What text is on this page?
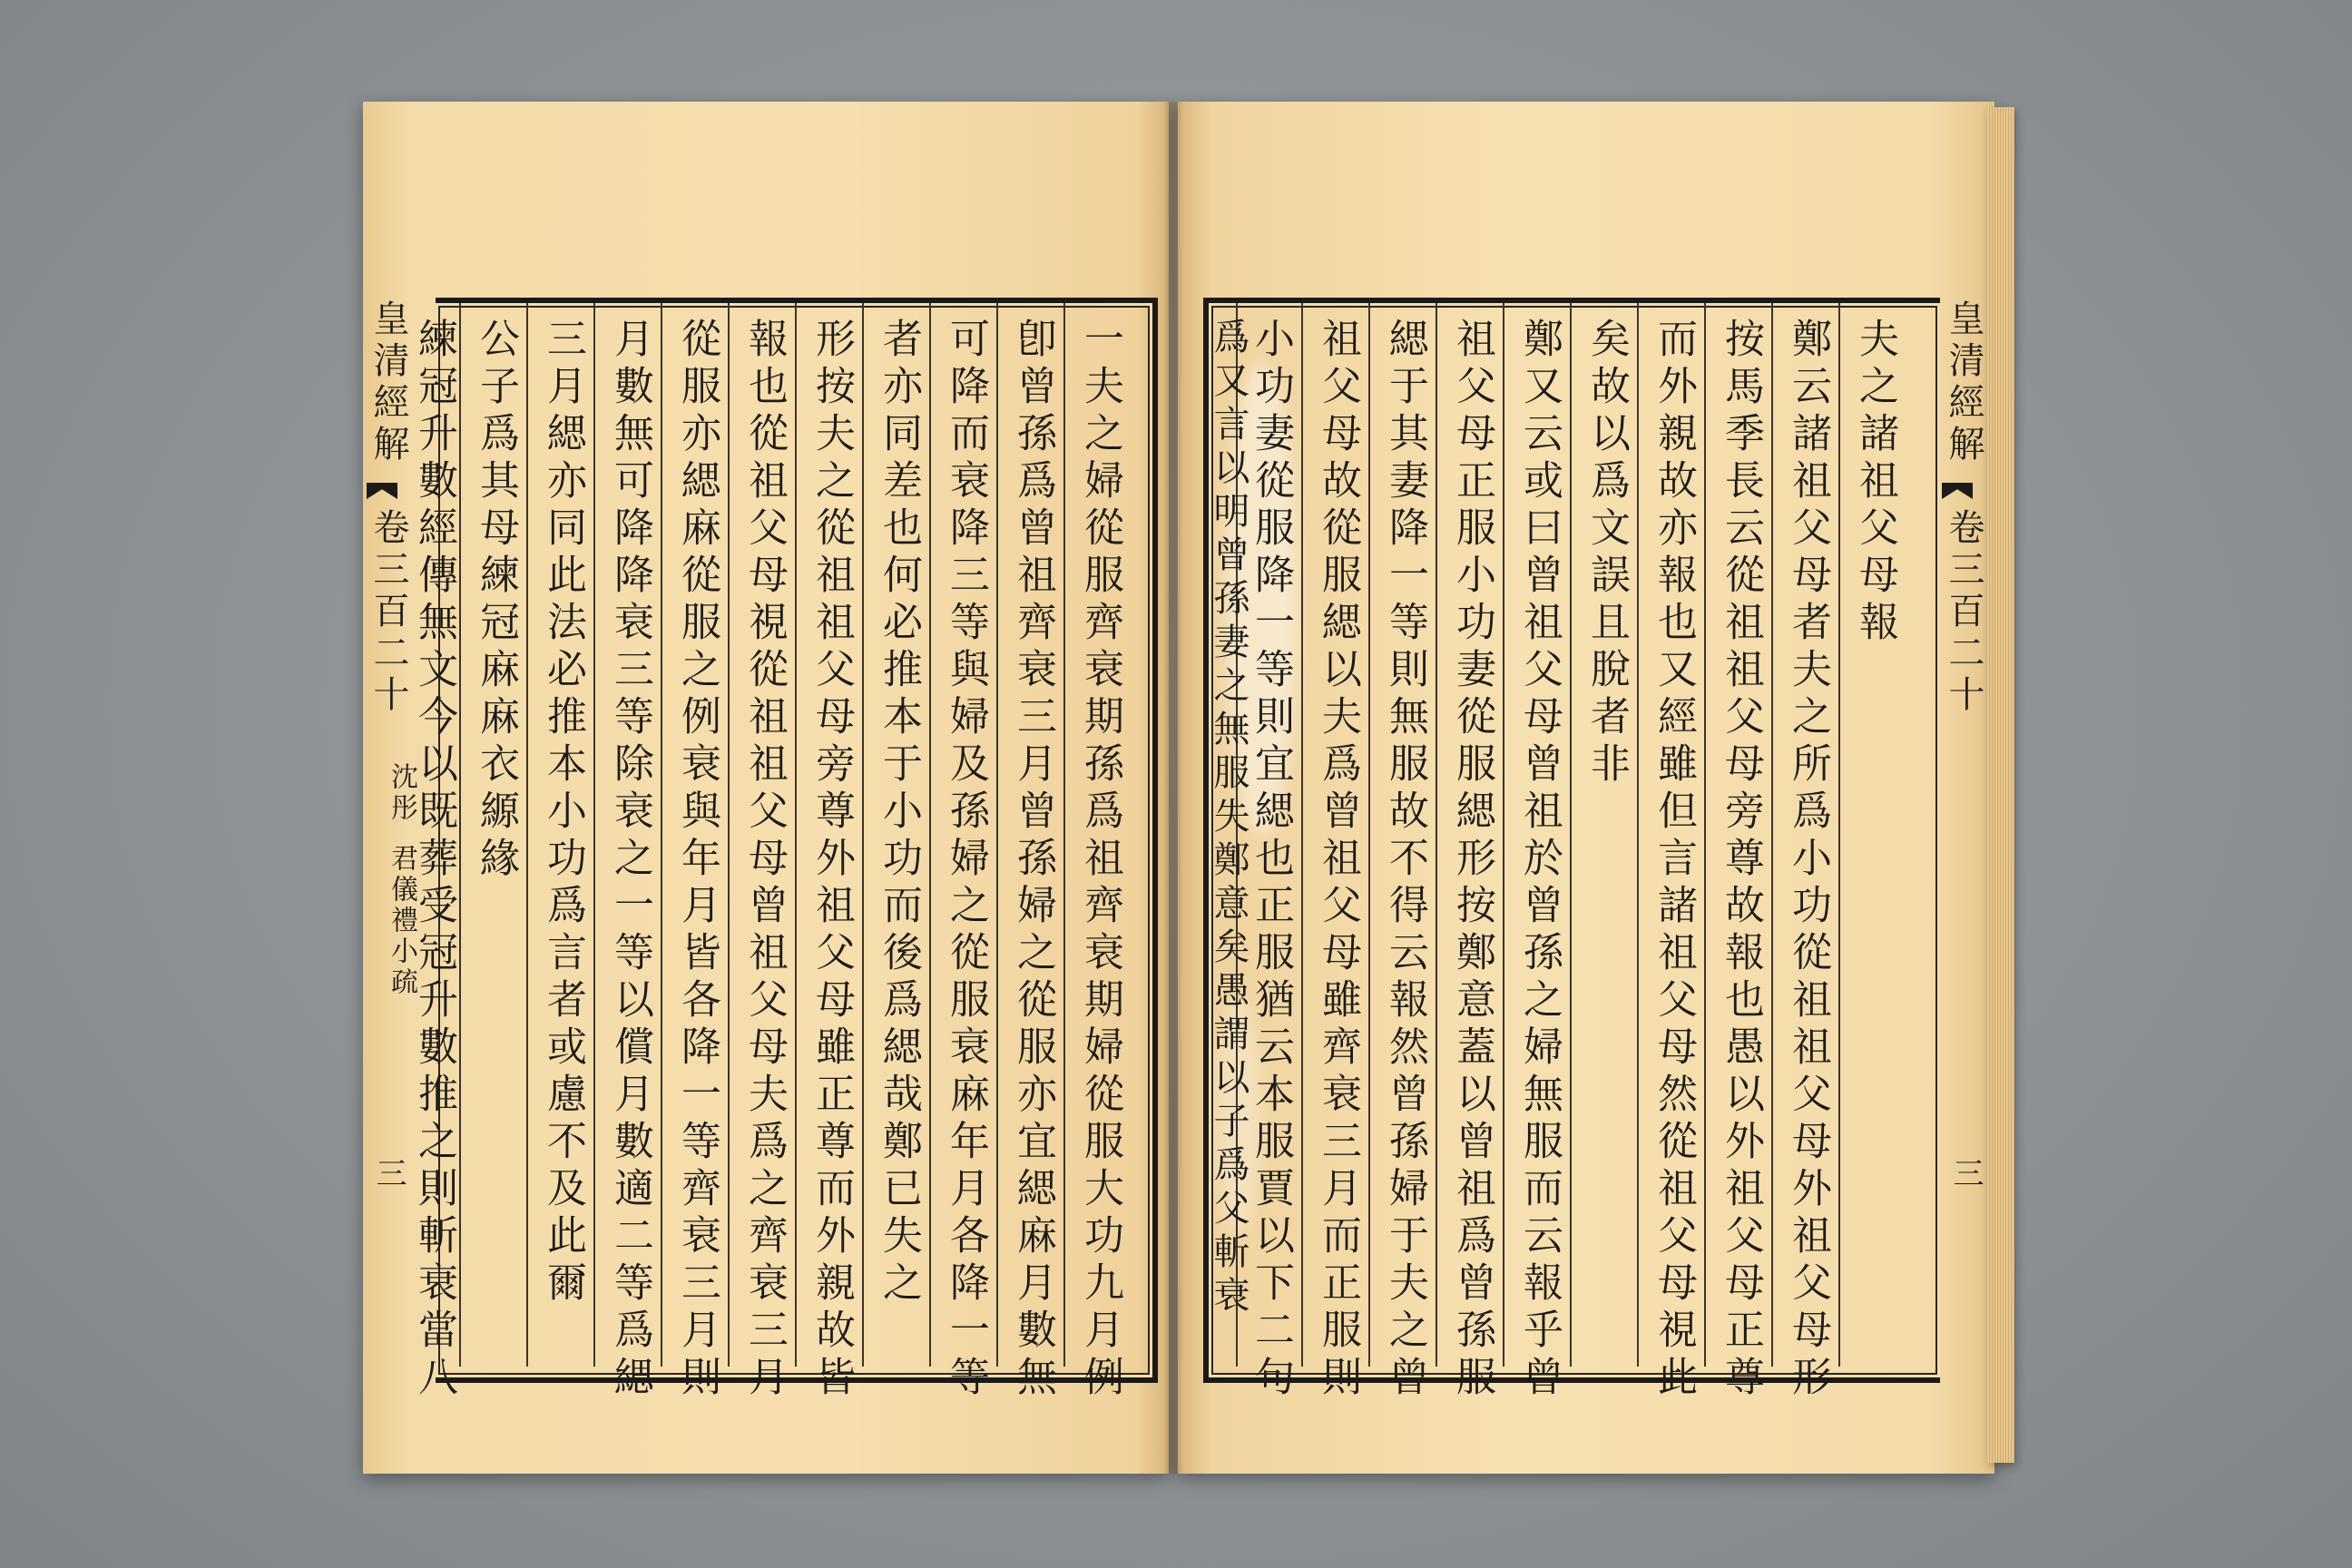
皇清經解
卷三百二十
沈彤
君儀禮小疏
三	一夫之婦從服齊衰期孫爲祖齊衰期婦從服大功九月例
卽曾孫爲曾祖齊衰三月曾孫婦之從服亦宜緦麻月數無
可降而衰降三等與婦及孫婦之從服衰麻年月各降一等
者亦同差也何必推本于小功而後爲緦哉鄭已失之
形按夫之從祖祖父母旁尊外祖父母雖正尊而外親故皆
報也從祖父母視從祖祖父母曾祖父母夫爲之齊衰三月
從服亦緦麻從服之例衰與年月皆各降一等齊衰三月則
月數無可降降衰三等除衰之一等以償月數適二等爲緦
三月緦亦同此法必推本小功爲言者或慮不及此爾
公子爲其母練冠麻麻衣縓緣
練冠升數經傳無文今以既葬受冠升數推之則斬衰當八	夫之諸祖父母報
鄭云諸祖父母者夫之所爲小功從祖祖父母外祖父母形
按馬季長云從祖祖父母旁尊故報也愚以外祖父母正尊
而外親故亦報也又經雖但言諸祖父母然從祖父母視此
矣故以爲文誤且脫者非
鄭又云或曰曾祖父母曾祖於曾孫之婦無服而云報乎曾
祖父母正服小功妻從服緦形按鄭意蓋以曾祖爲曾孫服
緦于其妻降一等則無服故不得云報然曾孫婦于夫之曾
祖父母故從服緦以夫爲曾祖父母雖齊衰三月而正服則
小功妻從服降一等則宜緦也正服猶云本服賈以下二句
爲又言以明曾孫妻之無服失鄭意矣愚謂以子爲父斬衰	皇清經解
卷三百二十
三
